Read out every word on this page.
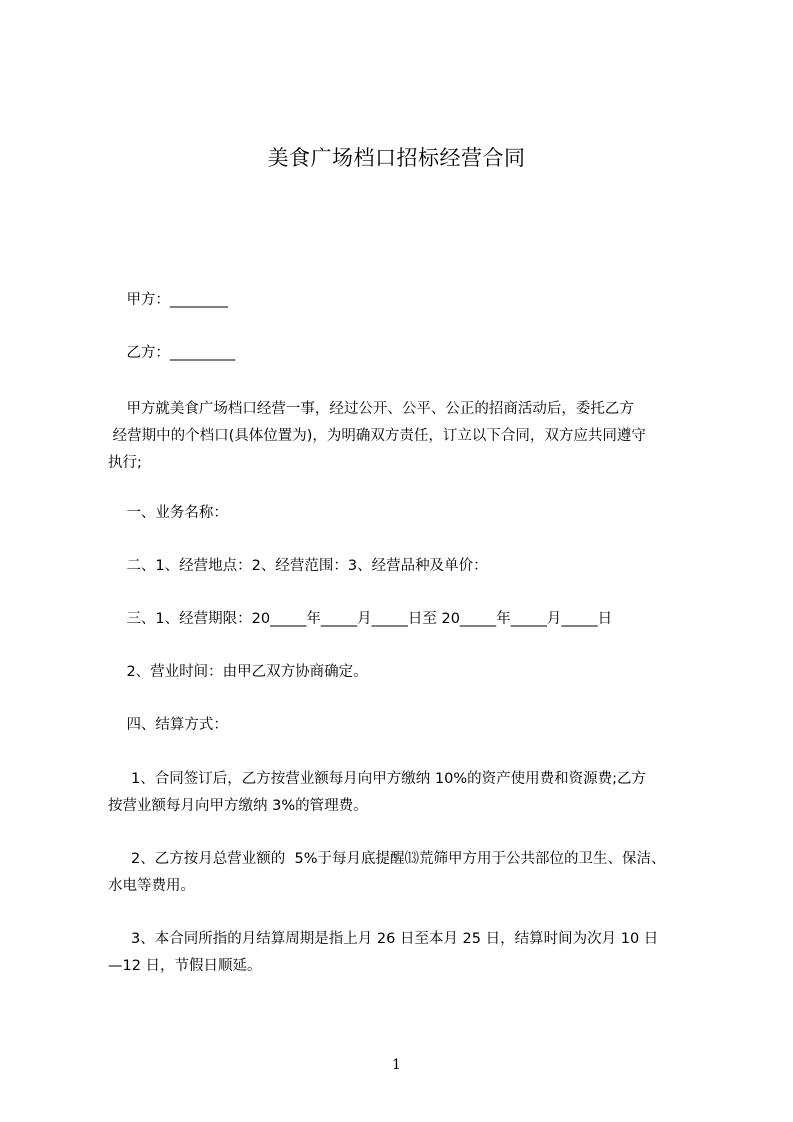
美食广场档口招标经营合同
甲方：________
乙方：_________
甲方就美食广场档口经营一事，经过公开、公平、公正的招商活动后，委托乙方
经营期中的个档口(具体位置为)，为明确双方责任，订立以下合同，双方应共同遵守
执行;
一、业务名称：
二、1、经营地点：2、经营范围：3、经营品种及单价：
三、1、经营期限：20_____年_____月_____日至 20_____年_____月_____日
2、营业时间：由甲乙双方协商确定。
四、结算方式：
1、合同签订后，乙方按营业额每月向甲方缴纳 10%的资产使用费和资源费;乙方
按营业额每月向甲方缴纳 3%的管理费。
2、乙方按月总营业额的  5%于每月底提醒⒀荒筛甲方用于公共部位的卫生、保洁、
水电等费用。
3、本合同所指的月结算周期是指上月 26 日至本月 25 日，结算时间为次月 10 日
—12 日，节假日顺延。
1
